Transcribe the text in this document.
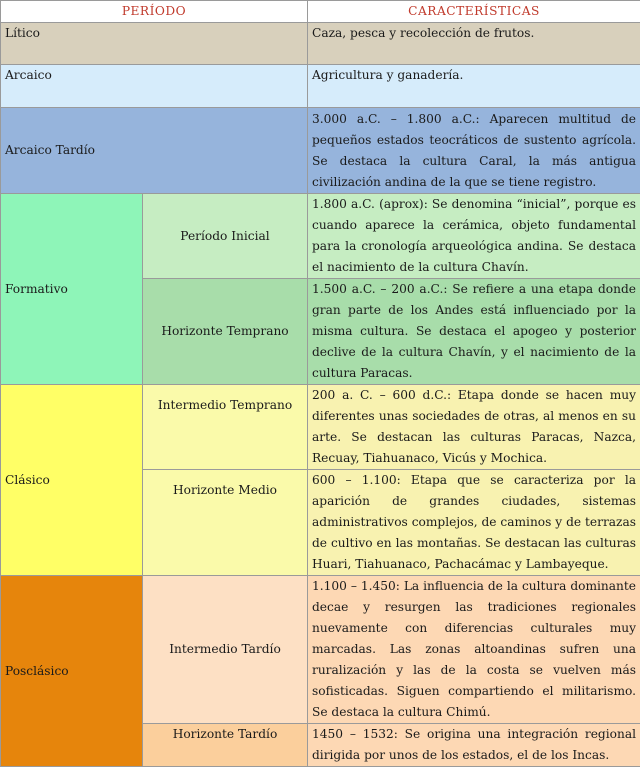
PERÍODO		CARACTERÍSTICAS
Lítico		Caza, pesca y recolección de frutos.
Arcaico		Agricultura y ganadería.
Arcaico Tardío		3.000 a.C. – 1.800 a.C.: Aparecen multitud de pequeños estados teocráticos de sustento agrícola. Se destaca la cultura Caral, la más antigua civilización andina de la que se tiene registro.
Formativo	Período Inicial	1.800 a.C. (aprox): Se denomina “inicial”, porque es cuando aparece la cerámica, objeto fundamental para la cronología arqueológica andina. Se destaca el nacimiento de la cultura Chavín.
	Horizonte Temprano	1.500 a.C. – 200 a.C.: Se refiere a una etapa donde gran parte de los Andes está influenciado por la misma cultura. Se destaca el apogeo y posterior declive de la cultura Chavín, y el nacimiento de la cultura Paracas.
Clásico	Intermedio Temprano	200 a. C. – 600 d.C.: Etapa donde se hacen muy diferentes unas sociedades de otras, al menos en su arte. Se destacan las culturas Paracas, Nazca, Recuay, Tiahuanaco, Vicús y Mochica.
	Horizonte Medio	600 – 1.100: Etapa que se caracteriza por la aparición de grandes ciudades, sistemas administrativos complejos, de caminos y de terrazas de cultivo en las montañas. Se destacan las culturas Huari, Tiahuanaco, Pachacámac y Lambayeque.
Posclásico	Intermedio Tardío	1.100 – 1.450: La influencia de la cultura dominante decae y resurgen las tradiciones regionales nuevamente con diferencias culturales muy marcadas. Las zonas altoandinas sufren una ruralización y las de la costa se vuelven más sofisticadas. Siguen compartiendo el militarismo. Se destaca la cultura Chimú.
	Horizonte Tardío	1450 – 1532: Se origina una integración regional dirigida por unos de los estados, el de los Incas.
